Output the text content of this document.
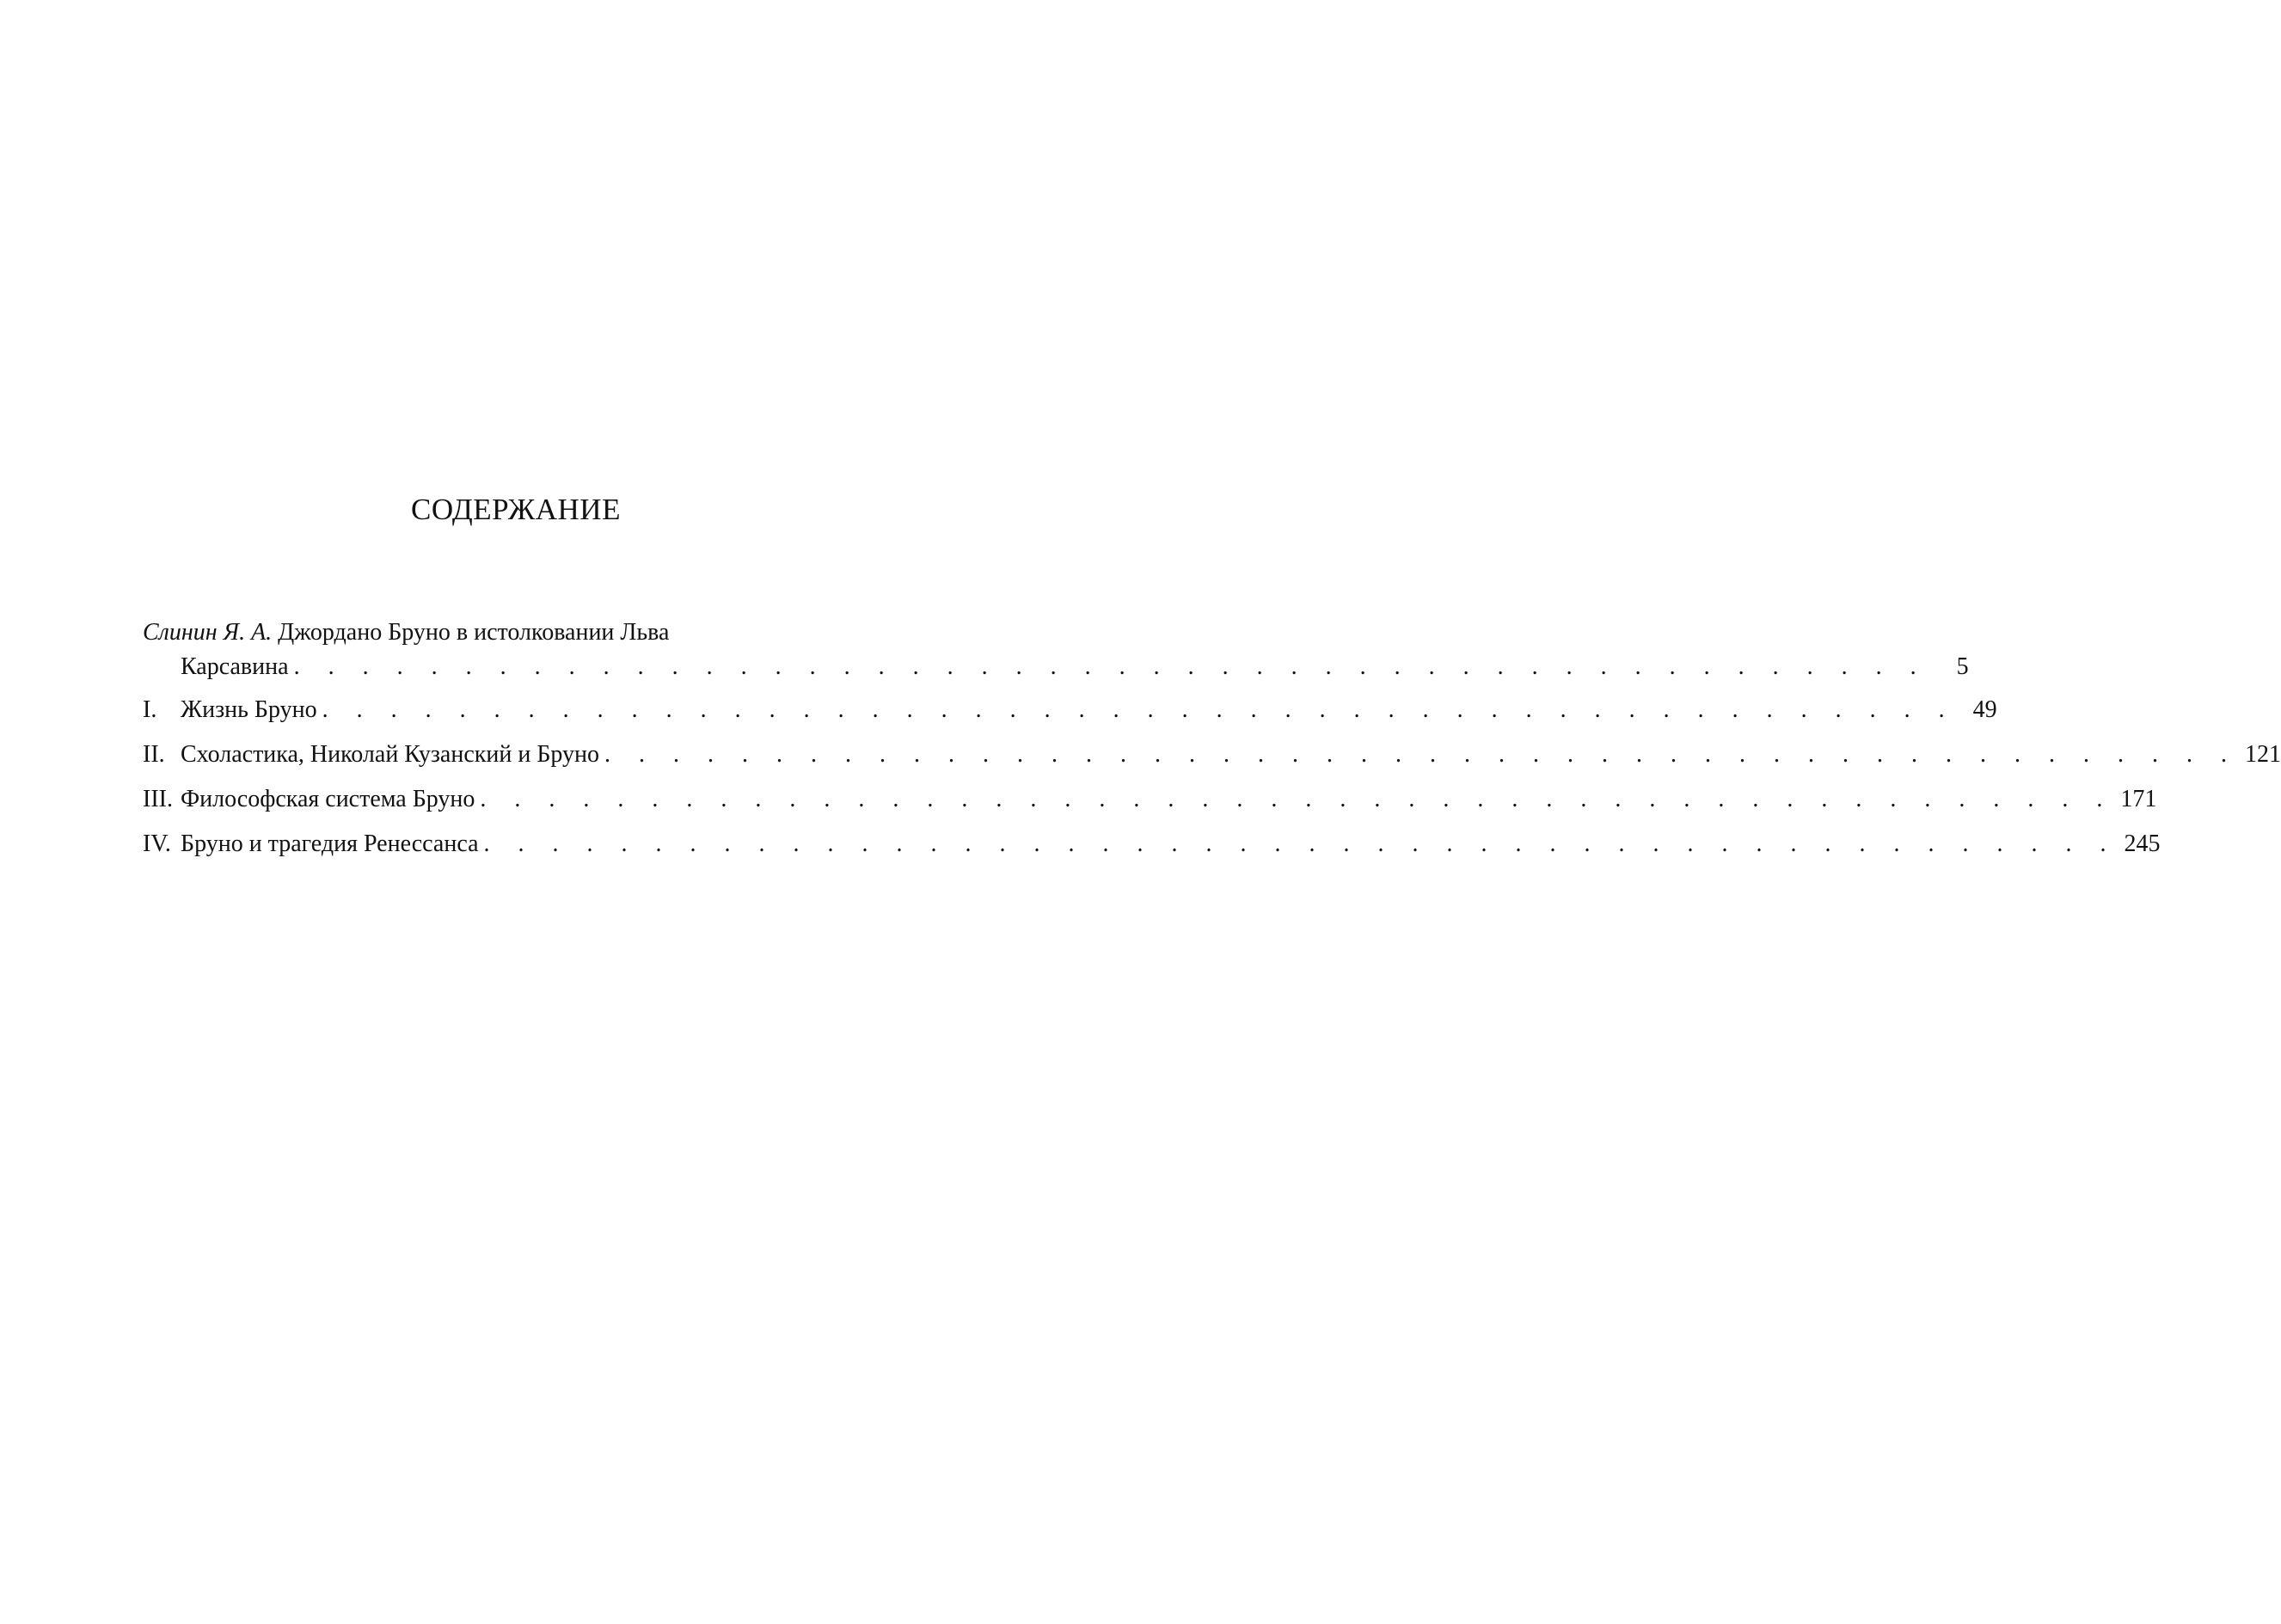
СОДЕРЖАНИЕ
Слинин Я. А. Джордано Бруно в истолковании Льва
Карсавина . . . . . . . . . . . . . . . . . . . . . . . . . . . . . . . . . . . . . . . . . . . . . . . .	5
I. Жизнь Бруно . . . . . . . . . . . . . . . . . . . . . . . . . . . . . . . . . . . . . . . . . . . . . . . . 49
II. Схоластика, Николай Кузанский и Бруно . . . . . . . . . . . . . . . . . . . . . . . . . . . . . . . . . . . . . . . . . . . . . . . . 121
III. Философская система Бруно . . . . . . . . . . . . . . . . . . . . . . . . . . . . . . . . . . . . . . . . . . . . . . . . 171
IV. Бруно и трагедия Ренессанса . . . . . . . . . . . . . . . . . . . . . . . . . . . . . . . . . . . . . . . . . . . . . . . . 245
